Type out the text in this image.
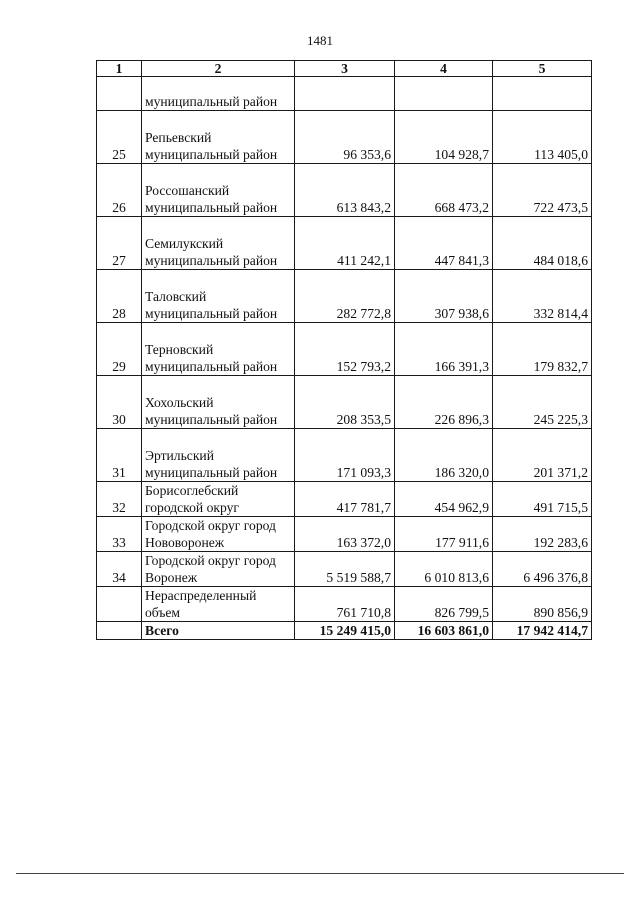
1481
1	2	3	4	5
	муниципальный район			
25	Репьевский муниципальный район	96 353,6	104 928,7	113 405,0
26	Россошанский муниципальный район	613 843,2	668 473,2	722 473,5
27	Семилукский муниципальный район	411 242,1	447 841,3	484 018,6
28	Таловский муниципальный район	282 772,8	307 938,6	332 814,4
29	Терновский муниципальный район	152 793,2	166 391,3	179 832,7
30	Хохольский муниципальный район	208 353,5	226 896,3	245 225,3
31	Эртильский муниципальный район	171 093,3	186 320,0	201 371,2
32	Борисоглебский городской округ	417 781,7	454 962,9	491 715,5
33	Городской округ город Нововоронеж	163 372,0	177 911,6	192 283,6
34	Городской округ город Воронеж	5 519 588,7	6 010 813,6	6 496 376,8
	Нераспределенный объем	761 710,8	826 799,5	890 856,9
	Всего	15 249 415,0	16 603 861,0	17 942 414,7
